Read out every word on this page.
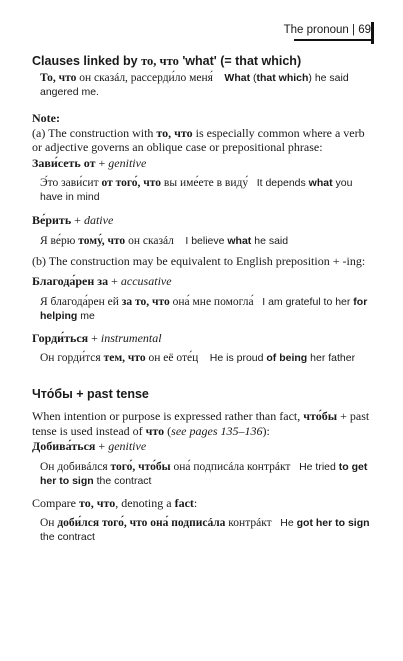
The pronoun | 69
Clauses linked by то, что 'what' (= that which)
То, что он сказáл, рассерди́ло меня́ What (that which) he said angered me.
Note:
(a) The construction with то, что is especially common where a verb or adjective governs an oblique case or prepositional phrase:
Зави́сеть от + genitive
Э́то зави́сит от того́, что вы име́ете в виду́ It depends what you have in mind
Ве́рить + dative
Я ве́рю тому́, что он сказáл I believe what he said
(b) The construction may be equivalent to English preposition + -ing:
Благода́рен за + accusative
Я благода́рен ей за то, что она́ мне помогла́ I am grateful to her for helping me
Горди́ться + instrumental
Он горди́тся тем, что он её оте́ц He is proud of being her father
Что́бы + past tense
When intention or purpose is expressed rather than fact, что́бы + past tense is used instead of что (see pages 135–136):
Добива́ться + genitive
Он добивáлся того́, что́бы она́ подписáла контрáкт He tried to get her to sign the contract
Compare то, что, denoting a fact:
Он доби́лся того́, что она́ подписáла контрáкт He got her to sign the contract
